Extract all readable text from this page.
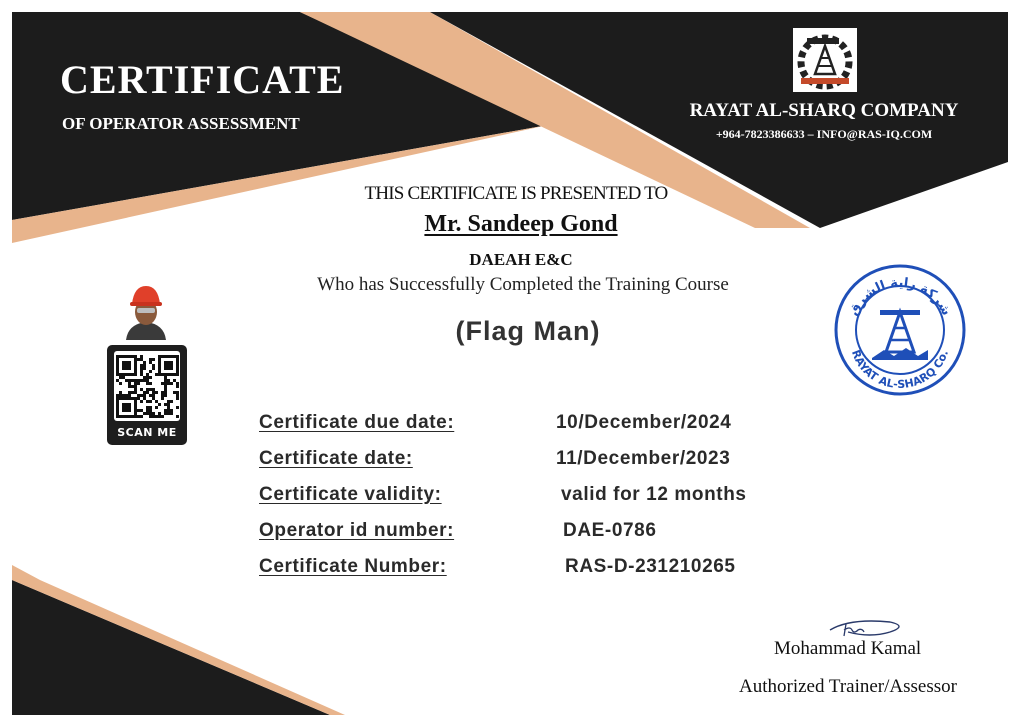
CERTIFICATE
OF OPERATOR ASSESSMENT
RAYAT AL-SHARQ COMPANY
+964-7823386633 – INFO@RAS-IQ.COM
THIS CERTIFICATE IS PRESENTED TO
Mr. Sandeep Gond
DAEAH E&C
Who has Successfully Completed the Training Course
(Flag Man)
SCAN ME
RAYAT AL-SHARQ Co.
شركة راية الشرق
Certificate due date:	10/December/2024
Certificate date:	11/December/2023
Certificate validity:	valid for 12 months
Operator id number:	DAE-0786
Certificate Number:	RAS-D-231210265
Mohammad Kamal
Authorized Trainer/Assessor
